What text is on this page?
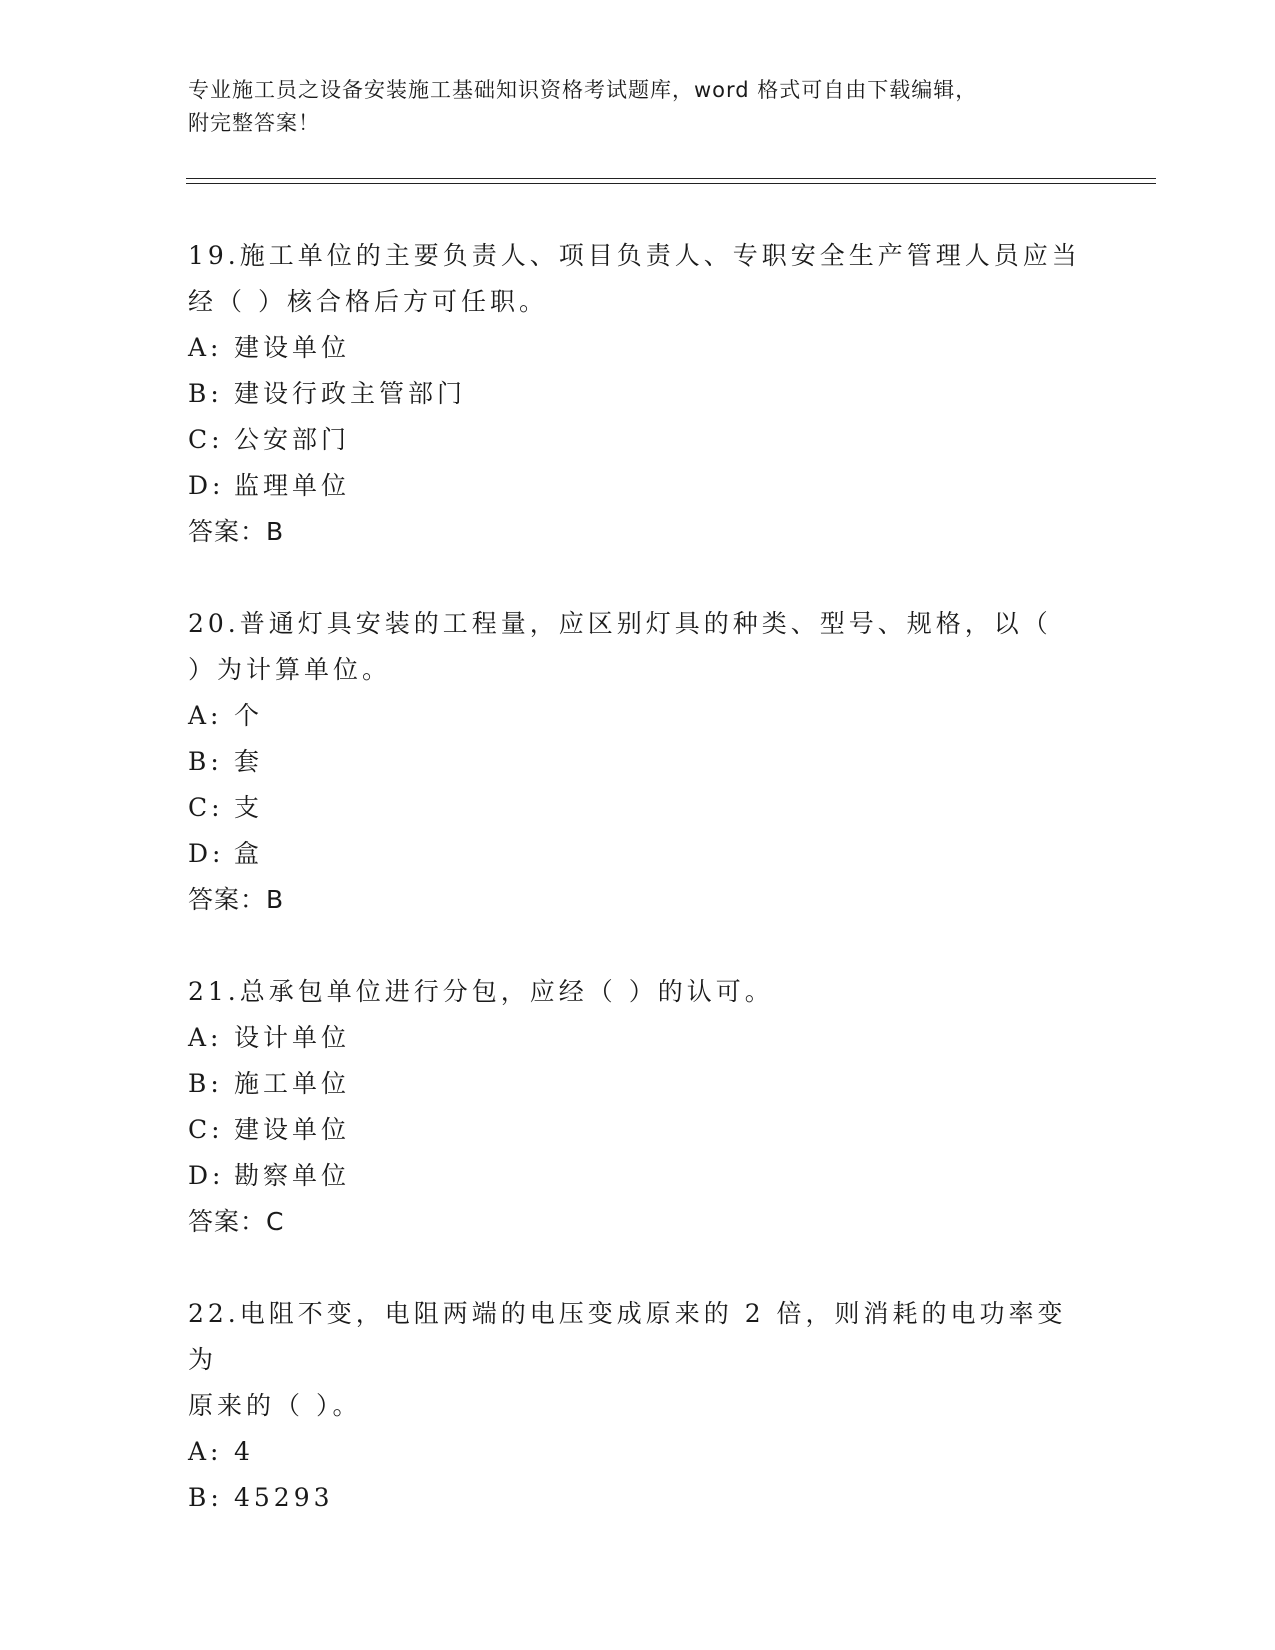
专业施工员之设备安装施工基础知识资格考试题库，word 格式可自由下载编辑，
附完整答案！
19.施工单位的主要负责人、项目负责人、专职安全生产管理人员应当
经（ ）核合格后方可任职。
A: 建设单位
B: 建设行政主管部门
C: 公安部门
D: 监理单位
答案：B
20.普通灯具安装的工程量，应区别灯具的种类、型号、规格，以（
）为计算单位。
A: 个
B: 套
C: 支
D: 盒
答案：B
21.总承包单位进行分包，应经（ ）的认可。
A: 设计单位
B: 施工单位
C: 建设单位
D: 勘察单位
答案：C
22.电阻不变，电阻两端的电压变成原来的 2 倍，则消耗的电功率变为
原来的（ ）。
A: 4
B: 45293
